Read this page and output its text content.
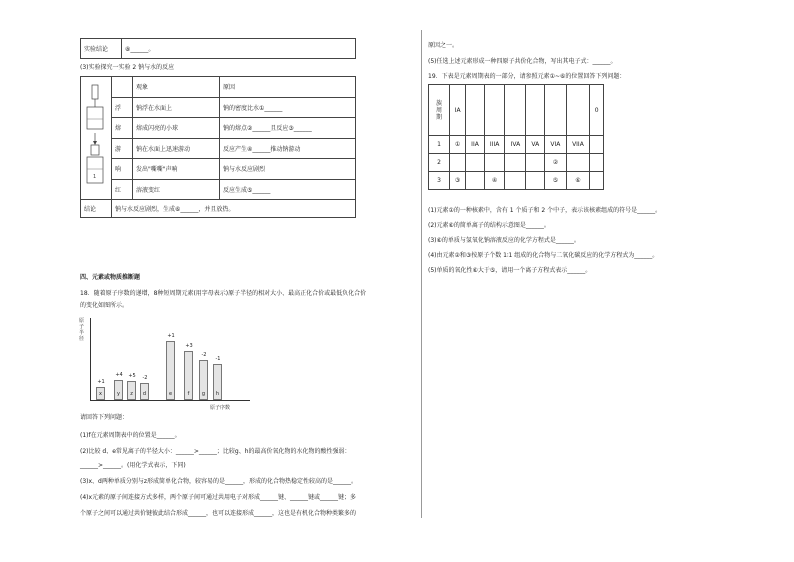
实验结论	⑧______。
(3)实验探究一实验 2 钠与水的反应
1		观象	原因
	浮	钠浮在水面上	钠的密度比水①______
	熔	熔成闪亮的小球	钠的熔点②______且反应③______
	游	钠在水面上迅速游动	反应产生④______推动钠游动
	响	发出"嘶嘶"声响	钠与水反应剧烈
	红	溶液变红	反应生成⑤______
结论	钠与水反应剧烈，生成⑥______，并且放热。		
四、元素或物质推断题
18．随着原子序数的递增，8种短周期元素(用字母表示)原子半径的相对大小、最高正化合价或最低负化合价
的变化如图所示。
原子半径
x
+1
y
+4
z
+5
d
-2
e
+1
f
+3
g
-2
h
-1
原子序数
请回答下列问题：
(1)f在元素周期表中的位置是______。
(2)比较 d、e常见离子的半径大小：______>______；比较g、h的最高价氧化物的水化物的酸性强弱：
______>______。(用化学式表示，下同)
(3)x、d两种单质分别与z形成简单化合物，较容易的是______，形成的化合物热稳定性较高的是______。
(4)x元素的原子间连接方式多样，两个原子间可通过共用电子对形成______键、______键或______键；多
个原子之间可以通过共价键彼此结合形成______，也可以连接形成______，这也是有机化合物种类繁多的
原因之一。
(5)任选上述元素形成一种四原子共价化合物，写出其电子式：______。
19．下表是元素周期表的一部分，请参照元素①~⑥的位置回答下列问题：
族
周
期	IA							0
1	①	IIA	IIIA	IVA	VA	VIA	VIIA	
2						②		
3	③		④			⑤	⑥	
(1)元素①的一种核素中，含有 1 个质子和 2 个中子，表示该核素组成的符号是______。
(2)元素⑥的简单离子的结构示意图是______。
(3)⑥的单质与氢氧化钠溶液反应的化学方程式是______。
(4)由元素②和③按原子个数 1∶1 组成的化合物与二氧化碳反应的化学方程式为______。
(5)单质的氧化性⑥大于⑤，请用一个离子方程式表示______。
